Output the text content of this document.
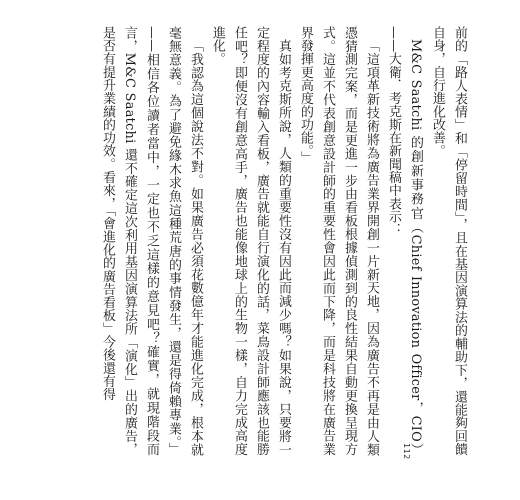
前的「路人表情」和「停留時間」，且在基因演算法的輔助下，還能夠回饋自身，自行進化改善。

M&C Saatchi 的創新事務官（Chief Innovation Officer，CIO）——大衛．考克斯在新聞稿中表示：

「這項革新技術將為廣告業界開創一片新天地，因為廣告不再是由人類憑猜測完案，而是更進一步由看板根據偵測到的良性結果自動更換呈現方式。這並不代表創意設計師的重要性會因此而下降，而是科技將在廣告業界發揮更高度的功能。」

真如考克斯所說，人類的重要性沒有因此而減少嗎？如果說，只要將一定程度的內容輸入看板，廣告就能自行演化的話，菜鳥設計師應該也能勝任吧？即便沒有創意高手，廣告也能像地球上的生物一樣，自力完成高度進化。

「我認為這個說法不對。如果廣告必須花數億年才能進化完成，根本就毫無意義。為了避免緣木求魚這種荒唐的事情發生，還是得倚賴專業。」——相信各位讀者當中，一定也不乏這樣的意見吧？確實，就現階段而言，M&C Saatchi 還不確定這次利用基因演算法所「演化」出的廣告，是否有提升業績的功效。看來，「會進化的廣告看板」今後還有得

112
